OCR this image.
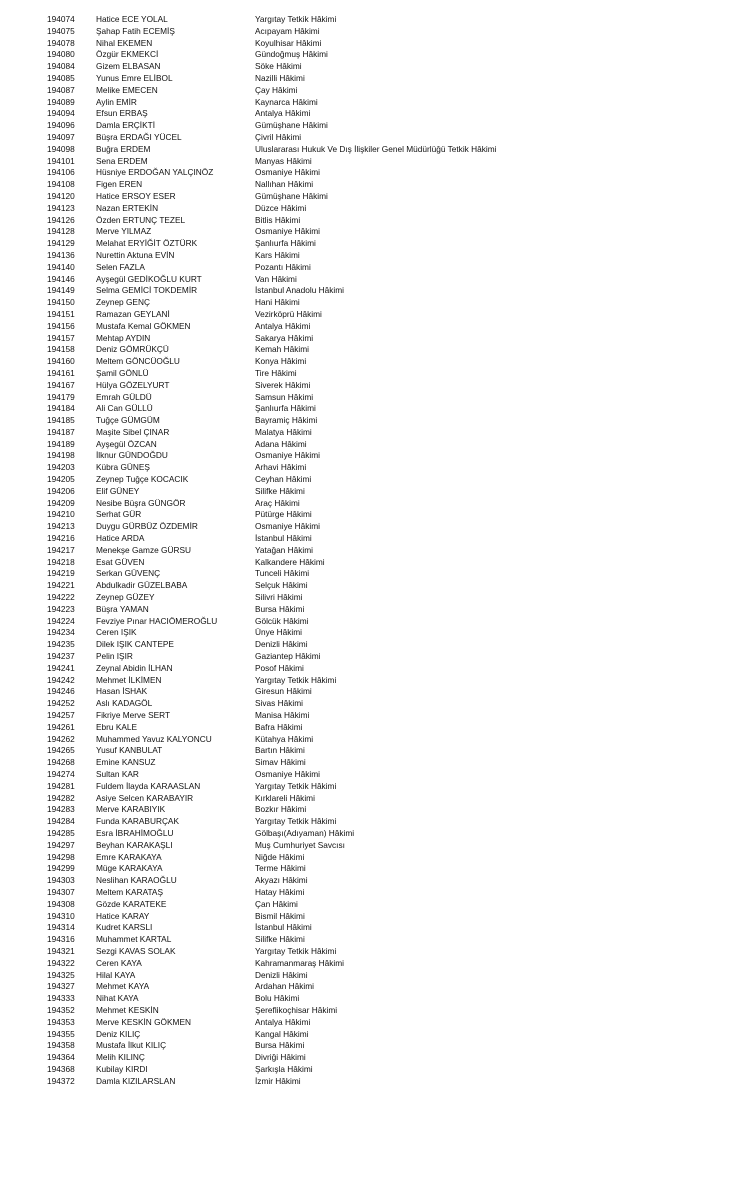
194074	Hatice ECE YOLAL	Yargıtay Tetkik Hâkimi
194075	Şahap Fatih ECEMİŞ	Acıpayam Hâkimi
194078	Nihal EKEMEN	Koyulhisar Hâkimi
194080	Özgür EKMEKCİ	Gündoğmuş Hâkimi
194084	Gizem ELBASAN	Söke Hâkimi
194085	Yunus Emre ELİBOL	Nazilli Hâkimi
194087	Melike EMECEN	Çay Hâkimi
194089	Aylin EMİR	Kaynarca Hâkimi
194094	Efsun ERBAŞ	Antalya Hâkimi
194096	Damla ERÇİKTİ	Gümüşhane Hâkimi
194097	Büşra ERDAĞI YÜCEL	Çivril Hâkimi
194098	Buğra ERDEM	Uluslararası Hukuk Ve Dış İlişkiler Genel Müdürlüğü Tetkik Hâkimi
194101	Sena ERDEM	Manyas Hâkimi
194106	Hüsniye ERDOĞAN YALÇINÖZ	Osmaniye Hâkimi
194108	Figen EREN	Nallıhan Hâkimi
194120	Hatice ERSOY ESER	Gümüşhane Hâkimi
194123	Nazan ERTEKİN	Düzce Hâkimi
194126	Özden ERTUNÇ TEZEL	Bitlis Hâkimi
194128	Merve YILMAZ	Osmaniye Hâkimi
194129	Melahat ERYİĞİT ÖZTÜRK	Şanlıurfa Hâkimi
194136	Nurettin Aktuna EVİN	Kars Hâkimi
194140	Selen FAZLA	Pozantı Hâkimi
194146	Ayşegül GEDİKOĞLU KURT	Van Hâkimi
194149	Selma GEMİCİ TOKDEMİR	İstanbul Anadolu Hâkimi
194150	Zeynep GENÇ	Hani Hâkimi
194151	Ramazan GEYLANİ	Vezirköprü Hâkimi
194156	Mustafa Kemal GÖKMEN	Antalya Hâkimi
194157	Mehtap AYDIN	Sakarya Hâkimi
194158	Deniz GÖMRÜKÇÜ	Kemah Hâkimi
194160	Meltem GÖNCÜOĞLU	Konya Hâkimi
194161	Şamil GÖNLÜ	Tire Hâkimi
194167	Hülya GÖZELYURT	Siverek Hâkimi
194179	Emrah GÜLDÜ	Samsun Hâkimi
194184	Ali Can GÜLLÜ	Şanlıurfa Hâkimi
194185	Tuğçe GÜMGÜM	Bayramiç Hâkimi
194187	Maşite Sibel ÇINAR	Malatya Hâkimi
194189	Ayşegül ÖZCAN	Adana Hâkimi
194198	İlknur GÜNDOĞDU	Osmaniye Hâkimi
194203	Kübra GÜNEŞ	Arhavi Hâkimi
194205	Zeynep Tuğçe KOCACIK	Ceyhan Hâkimi
194206	Elif GÜNEY	Silifke Hâkimi
194209	Nesibe Büşra GÜNGÖR	Araç Hâkimi
194210	Serhat GÜR	Pütürge Hâkimi
194213	Duygu GÜRBÜZ ÖZDEMİR	Osmaniye Hâkimi
194216	Hatice ARDA	İstanbul Hâkimi
194217	Menekşe Gamze GÜRSU	Yatağan Hâkimi
194218	Esat GÜVEN	Kalkandere Hâkimi
194219	Serkan GÜVENÇ	Tunceli Hâkimi
194221	Abdulkadir GÜZELBABA	Selçuk Hâkimi
194222	Zeynep GÜZEY	Silivri Hâkimi
194223	Büşra YAMAN	Bursa Hâkimi
194224	Fevziye Pınar HACIÖMEROĞLU	Gölcük Hâkimi
194234	Ceren IŞIK	Ünye Hâkimi
194235	Dilek IŞIK CANTEPE	Denizli Hâkimi
194237	Pelin IŞIR	Gaziantep Hâkimi
194241	Zeynal Abidin İLHAN	Posof Hâkimi
194242	Mehmet İLKİMEN	Yargıtay Tetkik Hâkimi
194246	Hasan İSHAK	Giresun Hâkimi
194252	Aslı KADAGÖL	Sivas Hâkimi
194257	Fikriye Merve SERT	Manisa Hâkimi
194261	Ebru KALE	Bafra Hâkimi
194262	Muhammed Yavuz KALYONCU	Kütahya Hâkimi
194265	Yusuf KANBULAT	Bartın Hâkimi
194268	Emine KANSUZ	Simav Hâkimi
194274	Sultan KAR	Osmaniye Hâkimi
194281	Fuldem İlayda KARAASLAN	Yargıtay Tetkik Hâkimi
194282	Asiye Selcen KARABAYIR	Kırklareli Hâkimi
194283	Merve KARABIYIK	Bozkır Hâkimi
194284	Funda KARABURÇAK	Yargıtay Tetkik Hâkimi
194285	Esra İBRAHİMOĞLU	Gölbaşı(Adıyaman) Hâkimi
194297	Beyhan KARAKAŞLI	Muş Cumhuriyet Savcısı
194298	Emre KARAKAYA	Niğde Hâkimi
194299	Müge KARAKAYA	Terme Hâkimi
194303	Neslihan KARAOĞLU	Akyazı Hâkimi
194307	Meltem KARATAŞ	Hatay Hâkimi
194308	Gözde KARATEKE	Çan Hâkimi
194310	Hatice KARAY	Bismil Hâkimi
194314	Kudret KARSLI	İstanbul Hâkimi
194316	Muhammet KARTAL	Silifke Hâkimi
194321	Sezgi KAVAS SOLAK	Yargıtay Tetkik Hâkimi
194322	Ceren KAYA	Kahramanmaraş Hâkimi
194325	Hilal KAYA	Denizli Hâkimi
194327	Mehmet KAYA	Ardahan Hâkimi
194333	Nihat KAYA	Bolu Hâkimi
194352	Mehmet KESKİN	Şereflikoçhisar Hâkimi
194353	Merve KESKİN GÖKMEN	Antalya Hâkimi
194355	Deniz KILIÇ	Kangal Hâkimi
194358	Mustafa İlkut KILIÇ	Bursa Hâkimi
194364	Melih KILINÇ	Divriği Hâkimi
194368	Kubilay KIRDI	Şarkışla Hâkimi
194372	Damla KIZILARSLAN	İzmir Hâkimi
